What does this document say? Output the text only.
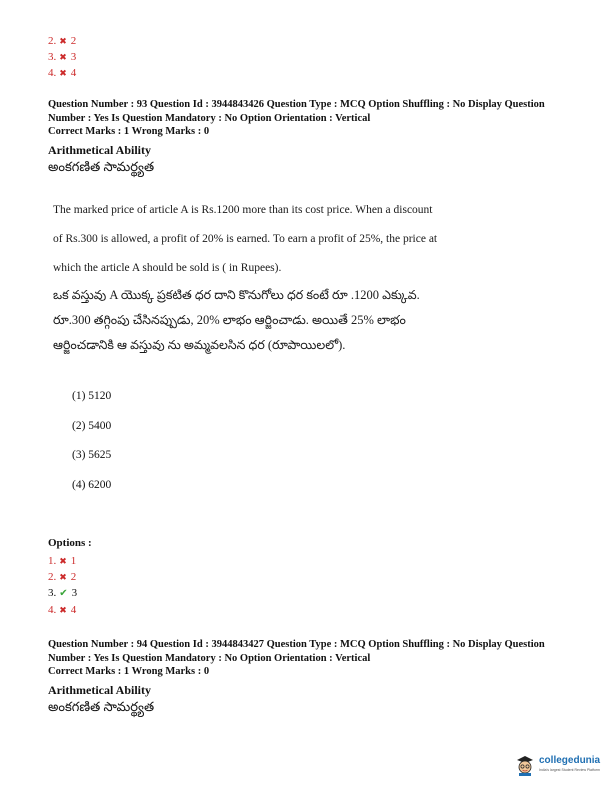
2. ✖ 2
3. ✖ 3
4. ✖ 4
Question Number : 93 Question Id : 3944843426 Question Type : MCQ Option Shuffling : No Display Question
Number : Yes Is Question Mandatory : No Option Orientation : Vertical
Correct Marks : 1 Wrong Marks : 0
Arithmetical Ability
అంకగణిత సామర్థ్యత
The marked price of article A is Rs.1200 more than its cost price. When a discount
of Rs.300 is allowed, a profit of 20% is earned. To earn a profit of 25%, the price at
which the article A should be sold is ( in Rupees).
ఒక వస్తువు A యొక్క ప్రకటిత ధర దాని కొనుగోలు ధర కంటే రూ .1200 ఎక్కువ.
రూ.300 తగ్గింపు చేసినప్పుడు, 20% లాభం ఆర్జించాడు. అయితే 25% లాభం
ఆర్జించడానికి ఆ వస్తువు ను అమ్మవలసిన ధర (రూపాయిలలో).
(1) 5120
(2) 5400
(3) 5625
(4) 6200
Options :
1. ✖ 1
2. ✖ 2
3. ✔ 3
4. ✖ 4
Question Number : 94 Question Id : 3944843427 Question Type : MCQ Option Shuffling : No Display Question
Number : Yes Is Question Mandatory : No Option Orientation : Vertical
Correct Marks : 1 Wrong Marks : 0
Arithmetical Ability
అంకగణిత సామర్థ్యత
collegedunia
India's largest Student Review Platform
